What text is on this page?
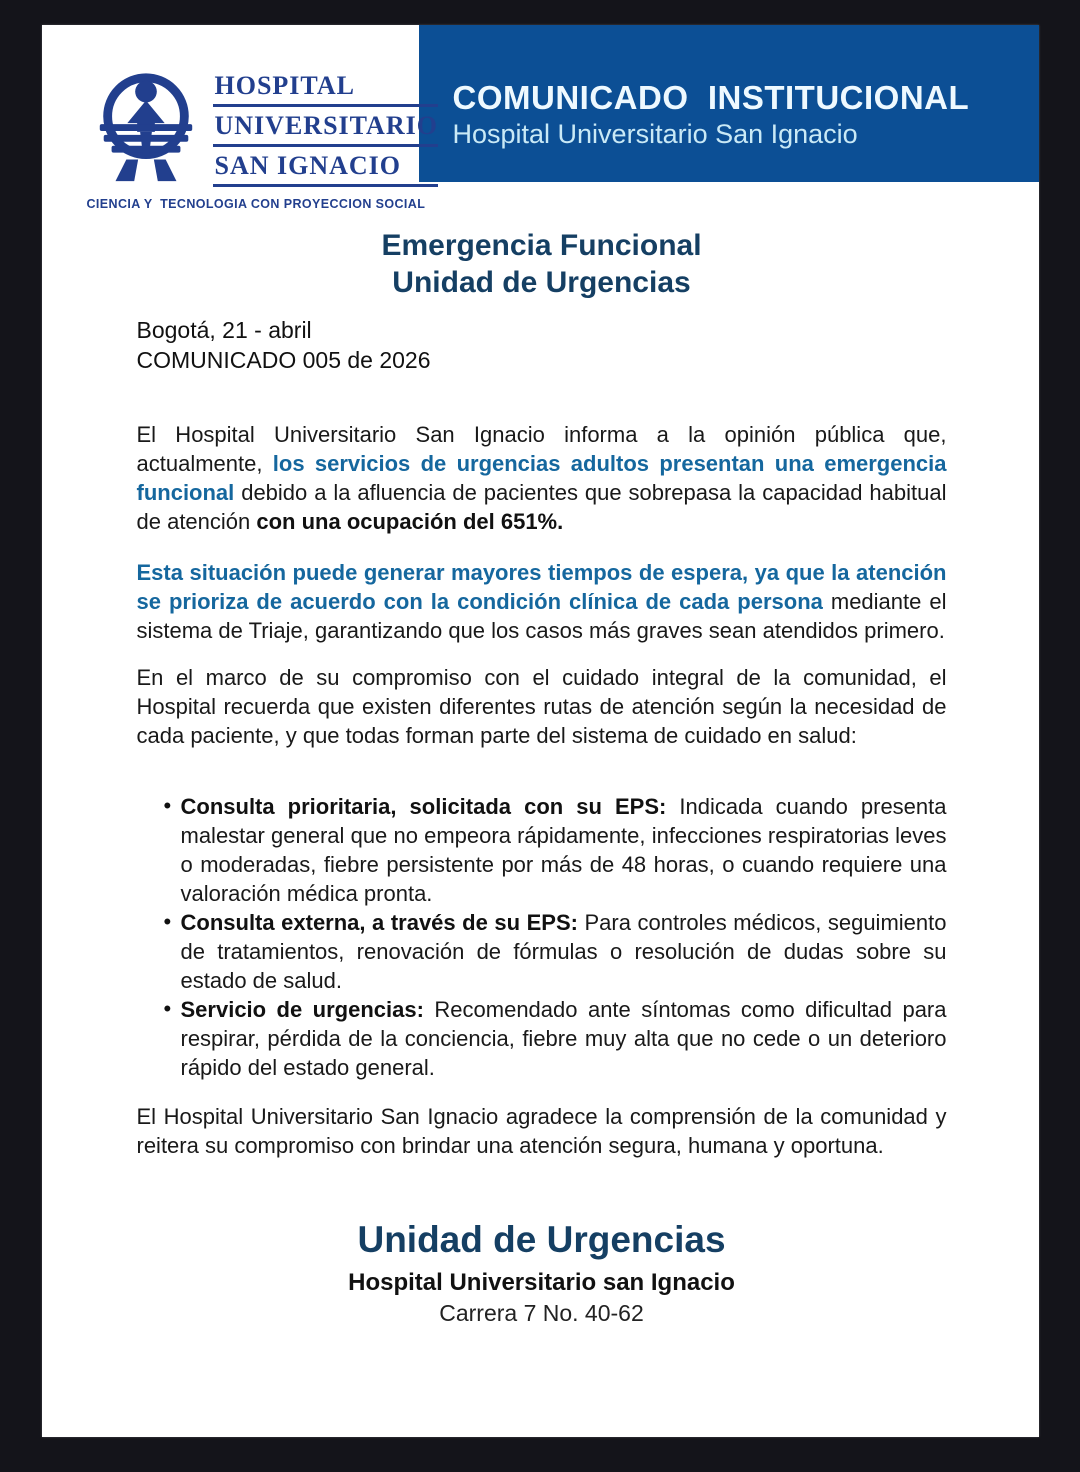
COMUNICADO  INSTITUCIONAL
Hospital Universitario San Ignacio
HOSPITAL
UNIVERSITARIO
SAN IGNACIO
CIENCIA Y  TECNOLOGIA CON PROYECCION SOCIAL
Emergencia Funcional
Unidad de Urgencias
Bogotá, 21 - abril
COMUNICADO 005 de 2026

El Hospital Universitario San Ignacio informa a la opinión pública que, actualmente, los servicios de urgencias adultos presentan una emergencia funcional debido a la afluencia de pacientes que sobrepasa la capacidad habitual de atención con una ocupación del 651%.

Esta situación puede generar mayores tiempos de espera, ya que la atención se prioriza de acuerdo con la condición clínica de cada persona mediante el sistema de Triaje, garantizando que los casos más graves sean atendidos primero.

En el marco de su compromiso con el cuidado integral de la comunidad, el Hospital recuerda que existen diferentes rutas de atención según la necesidad de cada paciente, y que todas forman parte del sistema de cuidado en salud:

• Consulta prioritaria, solicitada con su EPS: Indicada cuando presenta malestar general que no empeora rápidamente, infecciones respiratorias leves o moderadas, fiebre persistente por más de 48 horas, o cuando requiere una valoración médica pronta.
• Consulta externa, a través de su EPS: Para controles médicos, seguimiento de tratamientos, renovación de fórmulas o resolución de dudas sobre su estado de salud.
• Servicio de urgencias: Recomendado ante síntomas como dificultad para respirar, pérdida de la conciencia, fiebre muy alta que no cede o un deterioro rápido del estado general.

El Hospital Universitario San Ignacio agradece la comprensión de la comunidad y reitera su compromiso con brindar una atención segura, humana y oportuna.

Unidad de Urgencias
Hospital Universitario san Ignacio
Carrera 7 No. 40-62
